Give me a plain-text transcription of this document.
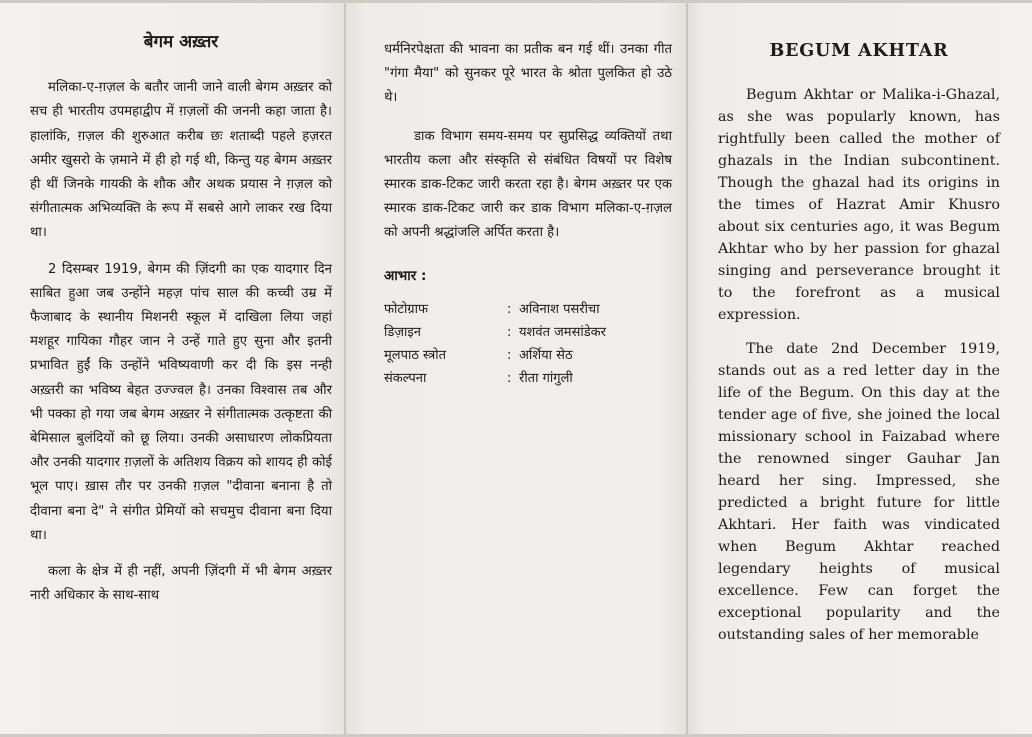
बेगम अख़्तर

मलिका-ए-ग़ज़ल के बतौर जानी जाने वाली बेगम अख़्तर को सच ही भारतीय उपमहाद्वीप में ग़ज़लों की जननी कहा जाता है। हालांकि, ग़ज़ल की शुरुआत करीब छः शताब्दी पहले हज़रत अमीर खुसरो के ज़माने में ही हो गई थी, किन्तु यह बेगम अख़्तर ही थीं जिनके गायकी के शौक और अथक प्रयास ने ग़ज़ल को संगीतात्मक अभिव्यक्ति के रूप में सबसे आगे लाकर रख दिया था।

2 दिसम्बर 1919, बेगम की ज़िंदगी का एक यादगार दिन साबित हुआ जब उन्होंने महज़ पांच साल की कच्ची उम्र में फैजाबाद के स्थानीय मिशनरी स्कूल में दाखिला लिया जहां मशहूर गायिका गौहर जान ने उन्हें गाते हुए सुना और इतनी प्रभावित हुईं कि उन्होंने भविष्यवाणी कर दी कि इस नन्ही अख़्तरी का भविष्य बेहत उज्ज्वल है। उनका विश्वास तब और भी पक्का हो गया जब बेगम अख़्तर ने संगीतात्मक उत्कृष्टता की बेमिसाल बुलंदियों को छू लिया। उनकी असाधारण लोकप्रियता और उनकी यादगार ग़ज़लों के अतिशय विक्रय को शायद ही कोई भूल पाए। ख़ास तौर पर उनकी ग़ज़ल "दीवाना बनाना है तो दीवाना बना दे" ने संगीत प्रेमियों को सचमुच दीवाना बना दिया था।

कला के क्षेत्र में ही नहीं, अपनी ज़िंदगी में भी बेगम अख़्तर नारी अधिकार के साथ-साथ

धर्मनिरपेक्षता की भावना का प्रतीक बन गई थीं। उनका गीत "गंगा मैया" को सुनकर पूरे भारत के श्रोता पुलकित हो उठे थे।

डाक विभाग समय-समय पर सुप्रसिद्ध व्यक्तियों तथा भारतीय कला और संस्कृति से संबंधित विषयों पर विशेष स्मारक डाक-टिकट जारी करता रहा है। बेगम अख़्तर पर एक स्मारक डाक-टिकट जारी कर डाक विभाग मलिका-ए-ग़ज़ल को अपनी श्रद्धांजलि अर्पित करता है।

आभार :
फोटोग्राफ	: अविनाश पसरीचा
डिज़ाइन	: यशवंत जमसांडेकर
मूलपाठ स्त्रोत	: अर्शिया सेठ
संकल्पना	: रीता गांगुली
BEGUM AKHTAR

Begum Akhtar or Malika-i-Ghazal, as she was popularly known, has rightfully been called the mother of ghazals in the Indian subcontinent. Though the ghazal had its origins in the times of Hazrat Amir Khusro about six centuries ago, it was Begum Akhtar who by her passion for ghazal singing and perseverance brought it to the forefront as a musical expression.

The date 2nd December 1919, stands out as a red letter day in the life of the Begum. On this day at the tender age of five, she joined the local missionary school in Faizabad where the renowned singer Gauhar Jan heard her sing. Impressed, she predicted a bright future for little Akhtari. Her faith was vindicated when Begum Akhtar reached legendary heights of musical excellence. Few can forget the exceptional popularity and the outstanding sales of her memorable
